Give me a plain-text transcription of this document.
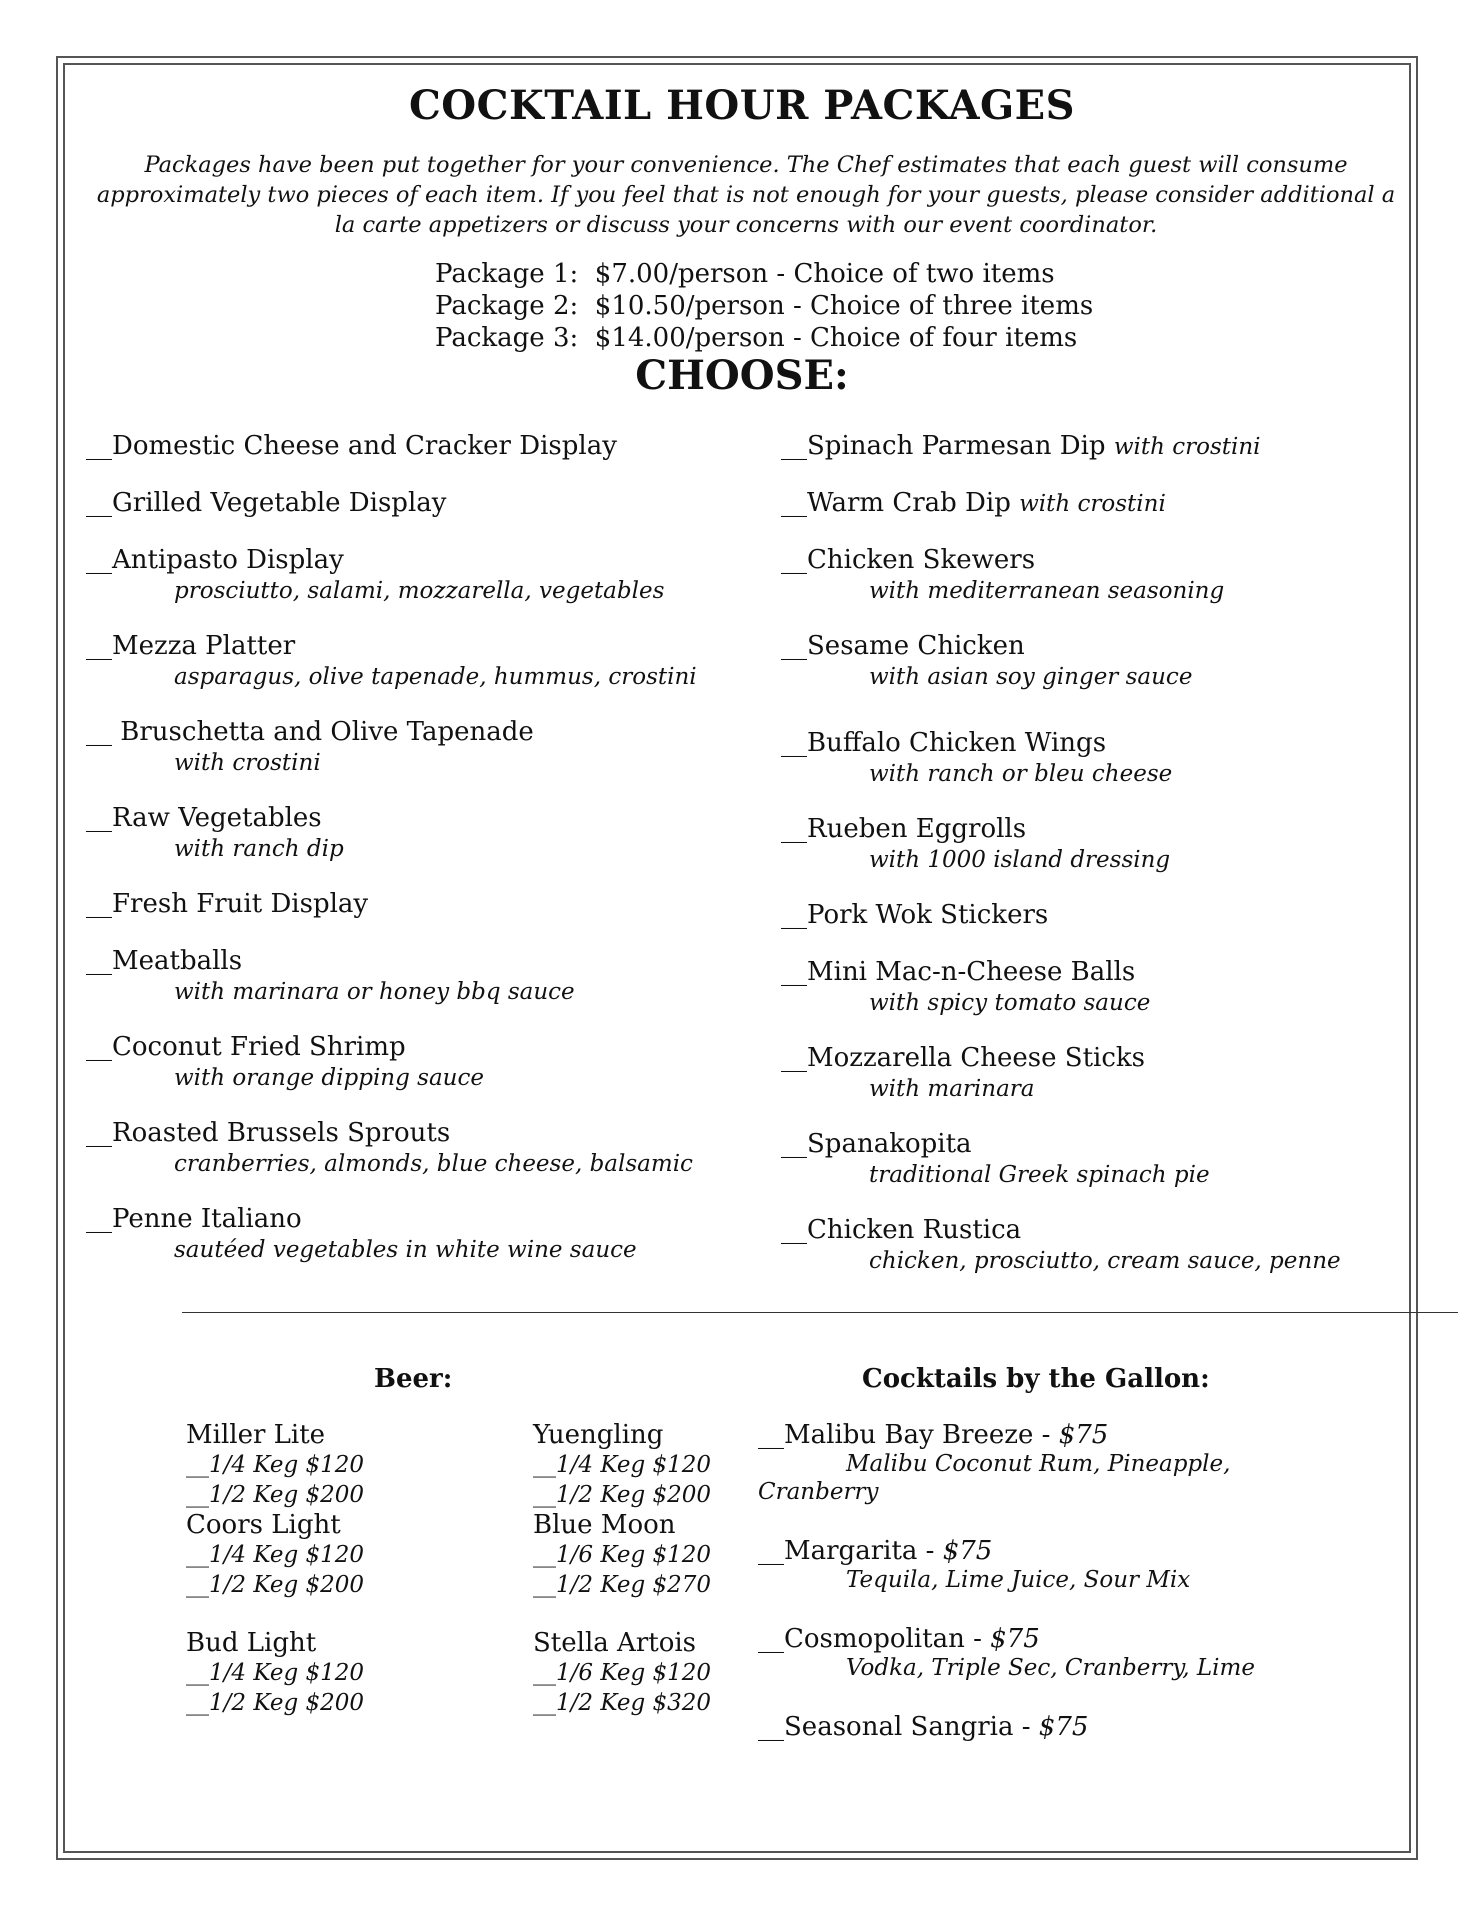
COCKTAIL HOUR PACKAGES
Packages have been put together for your convenience. The Chef estimates that each guest will consume approximately two pieces of each item. If you feel that is not enough for your guests, please consider additional a la carte appetizers or discuss your concerns with our event coordinator.
Package 1:  $7.00/person - Choice of two items
Package 2:  $10.50/person - Choice of three items
Package 3:  $14.00/person - Choice of four items
CHOOSE:
__Domestic Cheese and Cracker Display
__Grilled Vegetable Display
__Antipasto Display
prosciutto, salami, mozzarella, vegetables
__Mezza Platter
asparagus, olive tapenade, hummus, crostini
__ Bruschetta and Olive Tapenade
with crostini
__Raw Vegetables
with ranch dip
__Fresh Fruit Display
__Meatballs
with marinara or honey bbq sauce
__Coconut Fried Shrimp
with orange dipping sauce
__Roasted Brussels Sprouts
cranberries, almonds, blue cheese, balsamic
__Penne Italiano
sautéed vegetables in white wine sauce
__Spinach Parmesan Dip with crostini
__Warm Crab Dip with crostini
__Chicken Skewers
with mediterranean seasoning
__Sesame Chicken
with asian soy ginger sauce
__Buffalo Chicken Wings
with ranch or bleu cheese
__Rueben Eggrolls
with 1000 island dressing
__Pork Wok Stickers
__Mini Mac-n-Cheese Balls
with spicy tomato sauce
__Mozzarella Cheese Sticks
with marinara
__Spanakopita
traditional Greek spinach pie
__Chicken Rustica
chicken, prosciutto, cream sauce, penne
Beer:	Cocktails by the Gallon:
Miller Lite
__1/4 Keg $120
__1/2 Keg $200
Coors Light
__1/4 Keg $120
__1/2 Keg $200
Bud Light
__1/4 Keg $120
__1/2 Keg $200
Yuengling
__1/4 Keg $120
__1/2 Keg $200
Blue Moon
__1/6 Keg $120
__1/2 Keg $270
Stella Artois
__1/6 Keg $120
__1/2 Keg $320
__Malibu Bay Breeze - $75
Malibu Coconut Rum, Pineapple, Cranberry
__Margarita - $75
Tequila, Lime Juice, Sour Mix
__Cosmopolitan - $75
Vodka, Triple Sec, Cranberry, Lime
__Seasonal Sangria - $75
